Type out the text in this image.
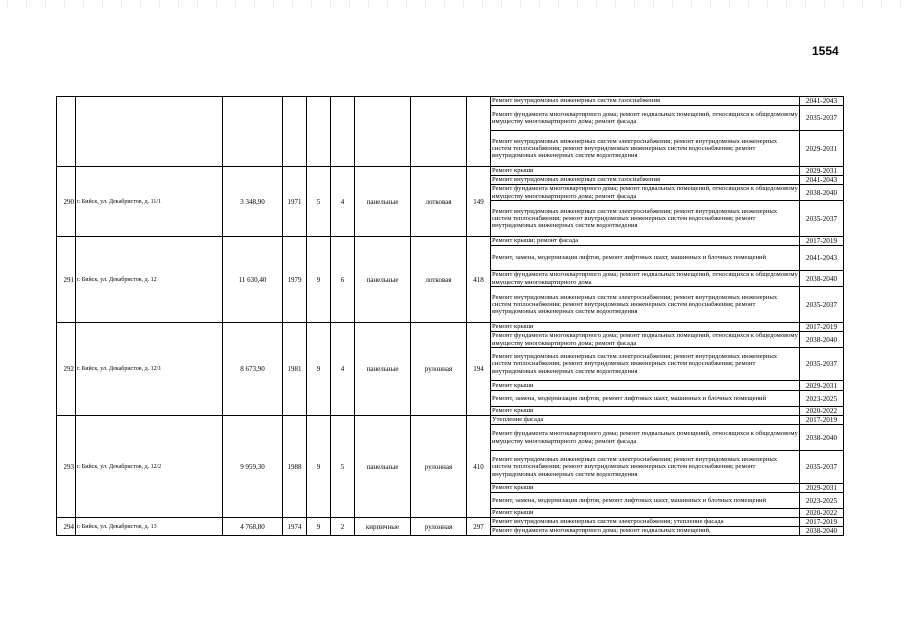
1554
									Ремонт внутридомовых инженерных систем газоснабжения	2041-2043
									Ремонт фундамента многоквартирного дома; ремонт подвальных помещений, относящихся к общедомовому имуществу многоквартирного дома; ремонт фасада	2035-2037
									Ремонт внутридомовых инженерных систем электроснабжения; ремонт внутридомовых инженерных систем теплоснабжения; ремонт внутридомовых инженерных систем водоснабжения; ремонт внутридомовых инженерных систем водоотведения	2029-2031
290	г. Бийск, ул. Декабристов, д. 11/1	3 348,90	1971	5	4	панельные	лотковая	149	Ремонт крыши	2029-2031
									Ремонт внутридомовых инженерных систем газоснабжения	2041-2043
									Ремонт фундамента многоквартирного дома; ремонт подвальных помещений, относящихся к общедомовому имуществу многоквартирного дома; ремонт фасада	2038-2040
									Ремонт внутридомовых инженерных систем электроснабжения; ремонт внутридомовых инженерных систем теплоснабжения; ремонт внутридомовых инженерных систем водоснабжения; ремонт внутридомовых инженерных систем водоотведения	2035-2037
291	г. Бийск, ул. Декабристов, д. 12	11 630,40	1979	9	6	панельные	лотковая	418	Ремонт крыши; ремонт фасада	2017-2019
									Ремонт, замена, модернизация лифтов, ремонт лифтовых шахт, машинных и блочных помещений	2041-2043
									Ремонт фундамента многоквартирного дома; ремонт подвальных помещений, относящихся к общедомовому имуществу многоквартирного дома	2038-2040
									Ремонт внутридомовых инженерных систем электроснабжения; ремонт внутридомовых инженерных систем теплоснабжения; ремонт внутридомовых инженерных систем водоснабжения; ремонт внутридомовых инженерных систем водоотведения	2035-2037
292	г. Бийск, ул. Декабристов, д. 12/1	8 673,90	1981	9	4	панельные	рулонная	194	Ремонт крыши	2017-2019
									Ремонт фундамента многоквартирного дома; ремонт подвальных помещений, относящихся к общедомовому имуществу многоквартирного дома; ремонт фасада	2038-2040
									Ремонт внутридомовых инженерных систем электроснабжения; ремонт внутридомовых инженерных систем теплоснабжения; ремонт внутридомовых инженерных систем водоснабжения; ремонт внутридомовых инженерных систем водоотведения	2035-2037
									Ремонт крыши	2029-2031
									Ремонт, замена, модернизация лифтов, ремонт лифтовых шахт, машинных и блочных помещений	2023-2025
									Ремонт крыши	2020-2022
293	г. Бийск, ул. Декабристов, д. 12/2	9 959,30	1988	9	5	панельные	рулонная	410	Утепление фасада	2017-2019
									Ремонт фундамента многоквартирного дома; ремонт подвальных помещений, относящихся к общедомовому имуществу многоквартирного дома; ремонт фасада	2038-2040
									Ремонт внутридомовых инженерных систем электроснабжения; ремонт внутридомовых инженерных систем теплоснабжения; ремонт внутридомовых инженерных систем водоснабжения; ремонт внутридомовых инженерных систем водоотведения	2035-2037
									Ремонт крыши	2029-2031
									Ремонт, замена, модернизация лифтов, ремонт лифтовых шахт, машинных и блочных помещений	2023-2025
									Ремонт крыши	2020-2022
294	г. Бийск, ул. Декабристов, д. 13	4 768,80	1974	9	2	кирпичные	рулонная	297	Ремонт внутридомовых инженерных систем электроснабжения; утепление фасада	2017-2019
									Ремонт фундамента многоквартирного дома; ремонт подвальных помещений,	2038-2040
